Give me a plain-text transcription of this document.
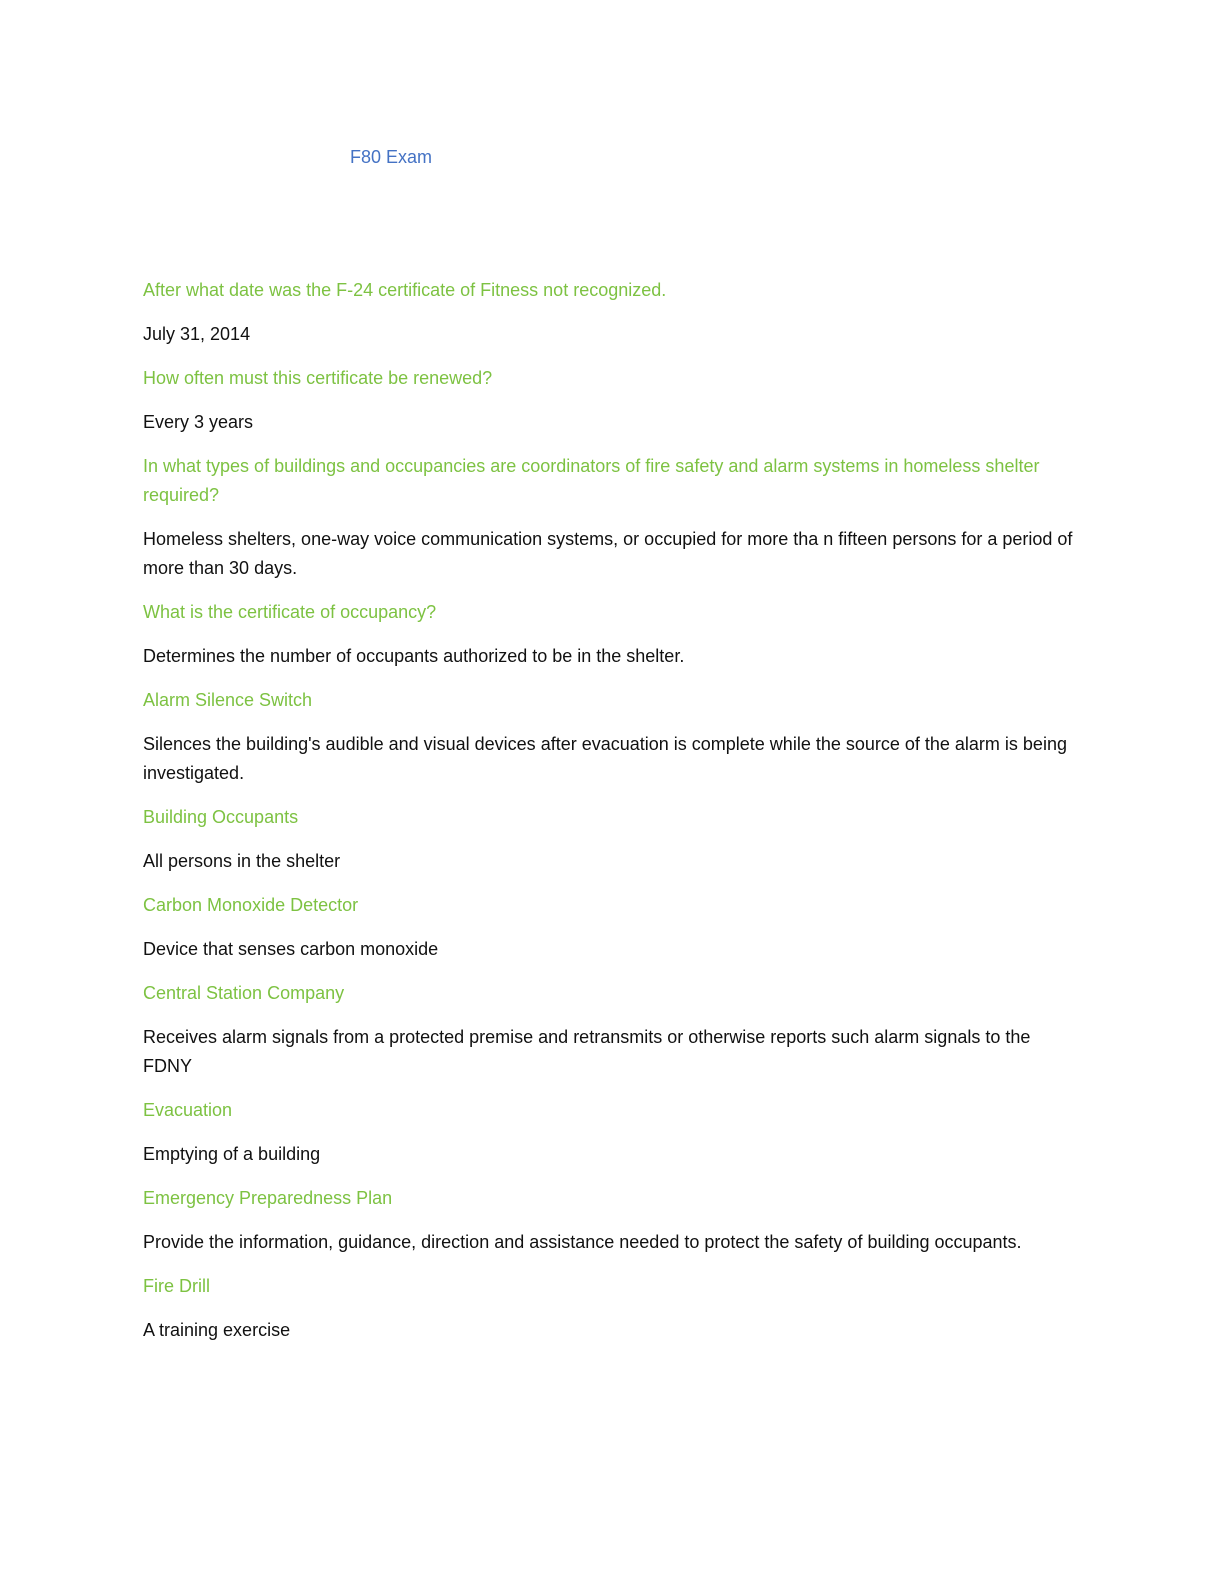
F80 Exam

After what date was the F-24 certificate of Fitness not recognized.

July 31, 2014

How often must this certificate be renewed?

Every 3 years

In what types of buildings and occupancies are coordinators of fire safety and alarm systems in homeless shelter required?

Homeless shelters, one-way voice communication systems, or occupied for more tha n fifteen persons for a period of more than 30 days.

What is the certificate of occupancy?

Determines the number of occupants authorized to be in the shelter.

Alarm Silence Switch

Silences the building's audible and visual devices after evacuation is complete while the source of the alarm is being investigated.

Building Occupants

All persons in the shelter

Carbon Monoxide Detector

Device that senses carbon monoxide

Central Station Company

Receives alarm signals from a protected premise and retransmits or otherwise reports such alarm signals to the FDNY

Evacuation

Emptying of a building

Emergency Preparedness Plan

Provide the information, guidance, direction and assistance needed to protect the safety of building occupants.

Fire Drill

A training exercise
